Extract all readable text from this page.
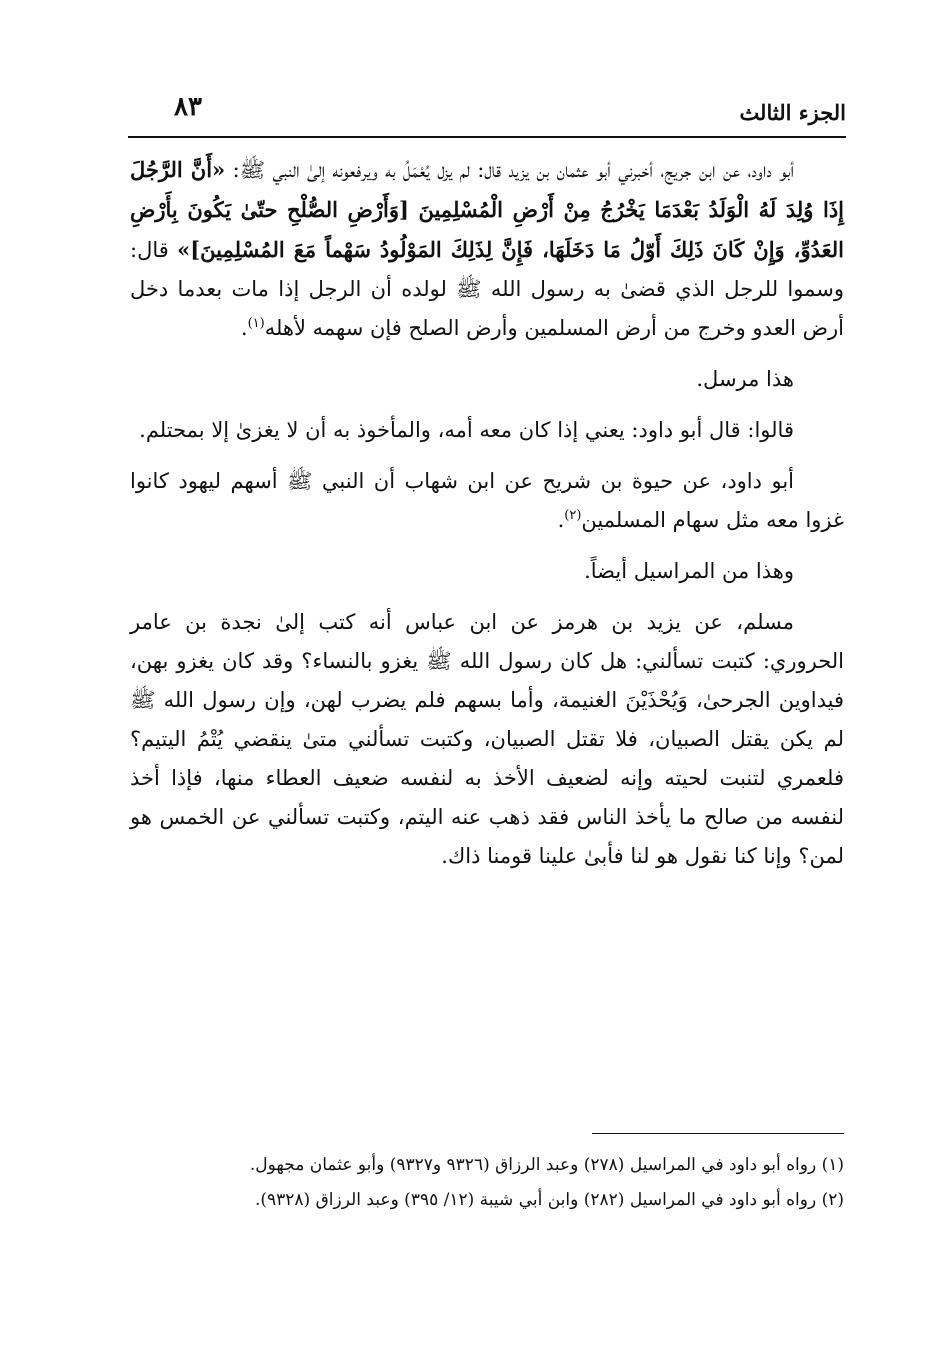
الجزء الثالث
٨٣

أبو داود، عن ابن جريج، أخبرني أبو عثمان بن يزيد قال: لم يزل يُعْمَلُ به ويرفعونه إلىٰ النبي ﷺ: «أَنَّ الرَّجُلَ إِذَا وُلِدَ لَهُ الْوَلَدُ بَعْدَمَا يَخْرُجُ مِنْ أَرْضِ الْمُسْلِمِينَ [وَأَرْضِ الصُّلْحِ حتّىٰ يَكُونَ بِأَرْضِ العَدُوِّ، وَإِنْ كَانَ ذَلِكَ أَوّلُ مَا دَخَلَهَا، فَإِنَّ لِذَلِكَ المَوْلُودُ سَهْماً مَعَ المُسْلِمِينَ]» قال: وسموا للرجل الذي قضىٰ به رسول الله ﷺ لولده أن الرجل إذا مات بعدما دخل أرض العدو وخرج من أرض المسلمين وأرض الصلح فإن سهمه لأهله$^{(١)}$.

هذا مرسل.

قالوا: قال أبو داود: يعني إذا كان معه أمه، والمأخوذ به أن لا يغزىٰ إلا بمحتلم.

أبو داود، عن حيوة بن شريح عن ابن شهاب أن النبي ﷺ أسهم ليهود كانوا غزوا معه مثل سهام المسلمين$^{(٢)}$.

وهذا من المراسيل أيضاً.

مسلم، عن يزيد بن هرمز عن ابن عباس أنه كتب إلىٰ نجدة بن عامر الحروري: كتبت تسألني: هل كان رسول الله ﷺ يغزو بالنساء؟ وقد كان يغزو بهن، فيداوين الجرحىٰ، وَيُحْذَيْنَ الغنيمة، وأما بسهم فلم يضرب لهن، وإن رسول الله ﷺ لم يكن يقتل الصبيان، فلا تقتل الصبيان، وكتبت تسألني متىٰ ينقضي يُتْمُ اليتيم؟ فلعمري لتنبت لحيته وإنه لضعيف الأخذ به لنفسه ضعيف العطاء منها، فإذا أخذ لنفسه من صالح ما يأخذ الناس فقد ذهب عنه اليتم، وكتبت تسألني عن الخمس هو لمن؟ وإنا كنا نقول هو لنا فأبىٰ علينا قومنا ذاك.

(١) رواه أبو داود في المراسيل (٢٧٨) وعبد الرزاق (٩٣٢٦ و٩٣٢٧) وأبو عثمان مجهول.

(٢) رواه أبو داود في المراسيل (٢٨٢) وابن أبي شيبة (١٢/ ٣٩٥) وعبد الرزاق (٩٣٢٨).
